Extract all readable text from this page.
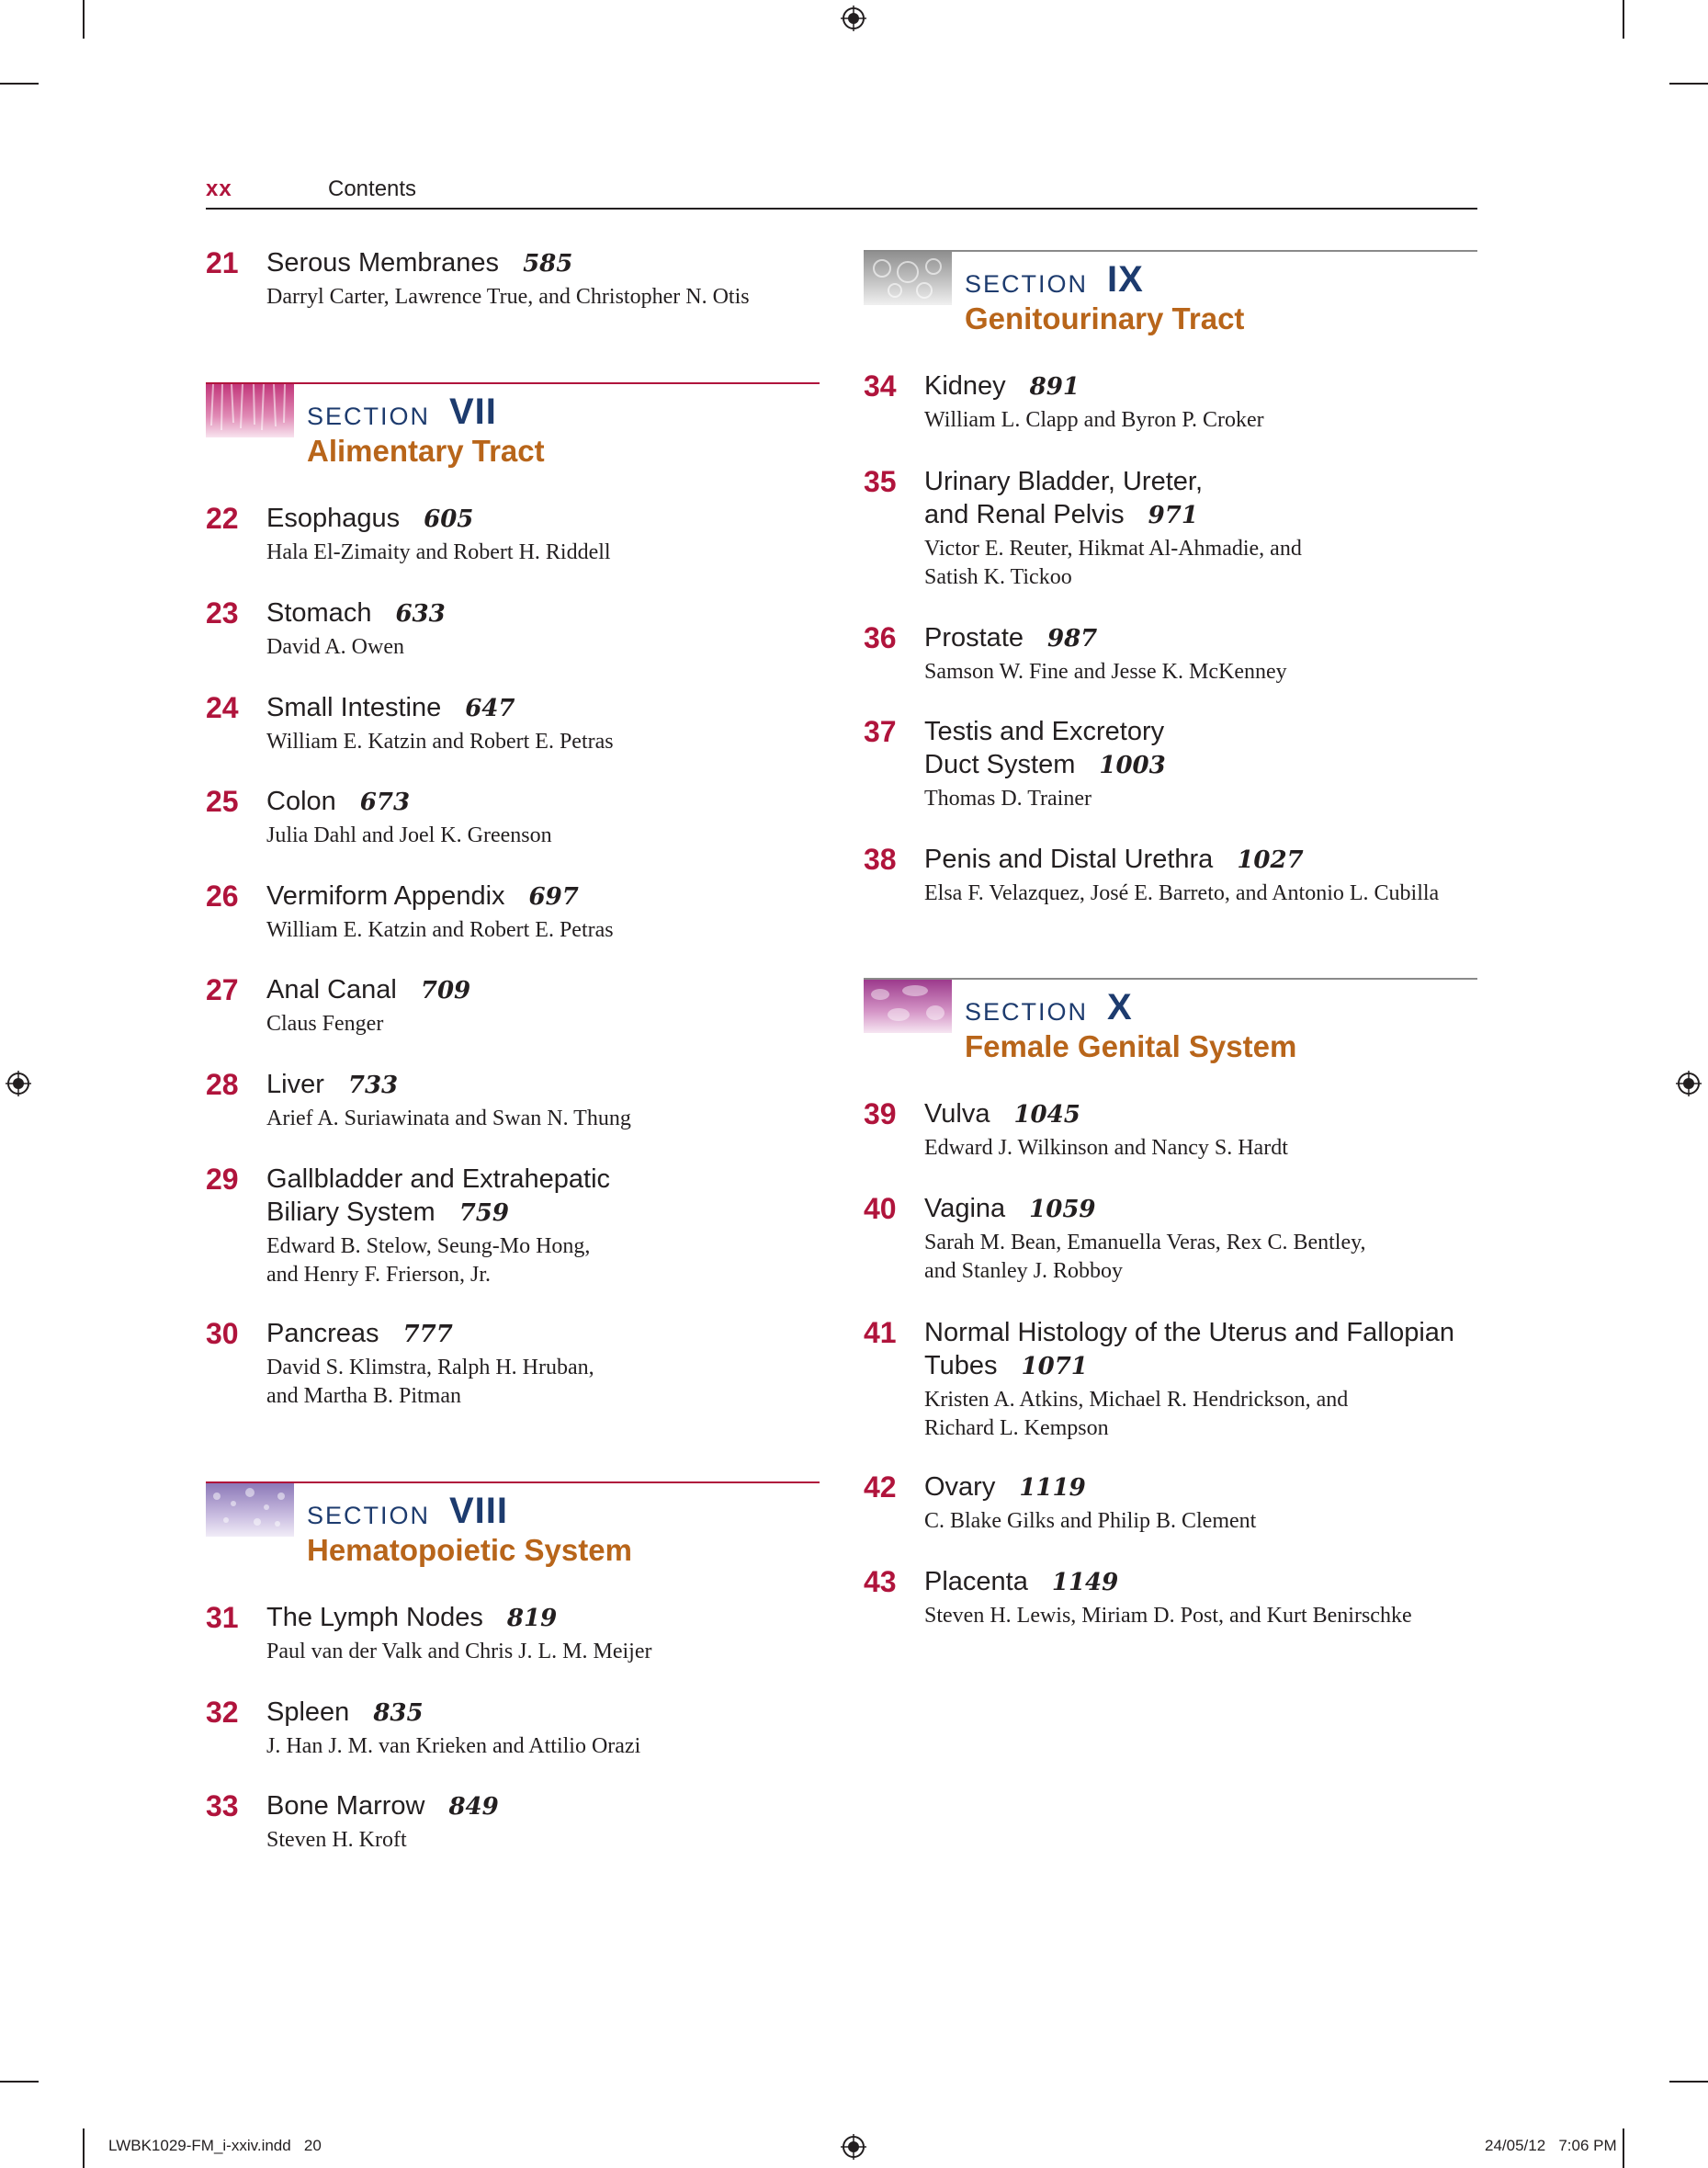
xx	Contents
21 Serous Membranes 585
Darryl Carter, Lawrence True, and Christopher N. Otis
SECTION VII
Alimentary Tract
22 Esophagus 605
Hala El-Zimaity and Robert H. Riddell
23 Stomach 633
David A. Owen
24 Small Intestine 647
William E. Katzin and Robert E. Petras
25 Colon 673
Julia Dahl and Joel K. Greenson
26 Vermiform Appendix 697
William E. Katzin and Robert E. Petras
27 Anal Canal 709
Claus Fenger
28 Liver 733
Arief A. Suriawinata and Swan N. Thung
29 Gallbladder and Extrahepatic
Biliary System 759
Edward B. Stelow, Seung-Mo Hong,
and Henry F. Frierson, Jr.
30 Pancreas 777
David S. Klimstra, Ralph H. Hruban,
and Martha B. Pitman
SECTION VIII
Hematopoietic System
31 The Lymph Nodes 819
Paul van der Valk and Chris J. L. M. Meijer
32 Spleen 835
J. Han J. M. van Krieken and Attilio Orazi
33 Bone Marrow 849
Steven H. Kroft
SECTION IX
Genitourinary Tract
34 Kidney 891
William L. Clapp and Byron P. Croker
35 Urinary Bladder, Ureter,
and Renal Pelvis 971
Victor E. Reuter, Hikmat Al-Ahmadie, and
Satish K. Tickoo
36 Prostate 987
Samson W. Fine and Jesse K. McKenney
37 Testis and Excretory
Duct System 1003
Thomas D. Trainer
38 Penis and Distal Urethra 1027
Elsa F. Velazquez, José E. Barreto, and Antonio L. Cubilla
SECTION X
Female Genital System
39 Vulva 1045
Edward J. Wilkinson and Nancy S. Hardt
40 Vagina 1059
Sarah M. Bean, Emanuella Veras, Rex C. Bentley,
and Stanley J. Robboy
41 Normal Histology of the Uterus and Fallopian
Tubes 1071
Kristen A. Atkins, Michael R. Hendrickson, and
Richard L. Kempson
42 Ovary 1119
C. Blake Gilks and Philip B. Clement
43 Placenta 1149
Steven H. Lewis, Miriam D. Post, and Kurt Benirschke
LWBK1029-FM_i-xxiv.indd   20	24/05/12   7:06 PM
